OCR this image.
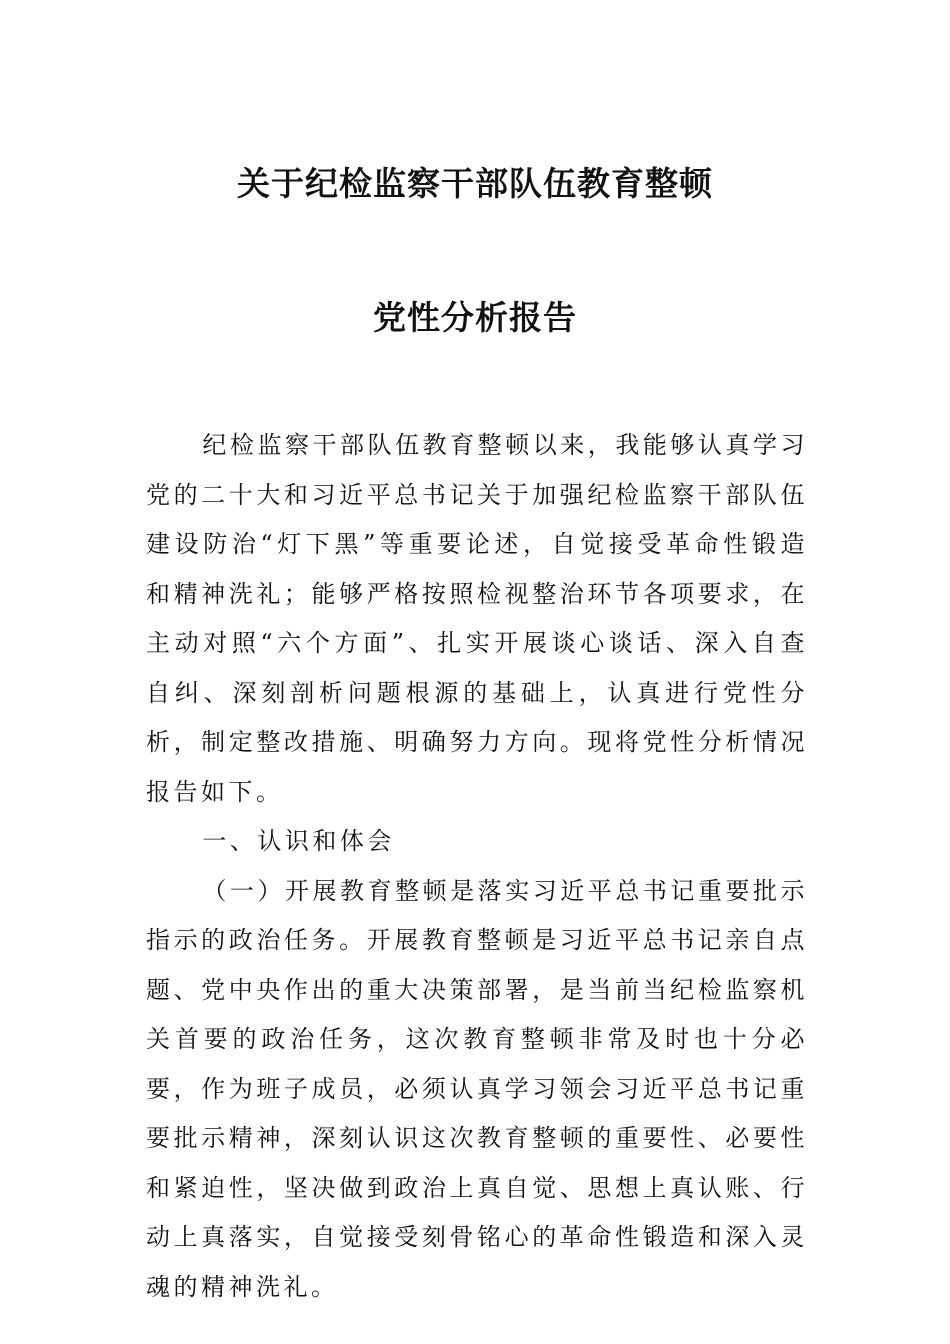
关于纪检监察干部队伍教育整顿
党性分析报告

纪检监察干部队伍教育整顿以来，我能够认真学习党的二十大和习近平总书记关于加强纪检监察干部队伍建设防治“灯下黑”等重要论述，自觉接受革命性锻造和精神洗礼；能够严格按照检视整治环节各项要求，在主动对照“六个方面”、扎实开展谈心谈话、深入自查自纠、深刻剖析问题根源的基础上，认真进行党性分析，制定整改措施、明确努力方向。现将党性分析情况报告如下。

一、认识和体会

（一）开展教育整顿是落实习近平总书记重要批示指示的政治任务。开展教育整顿是习近平总书记亲自点题、党中央作出的重大决策部署，是当前当纪检监察机关首要的政治任务，这次教育整顿非常及时也十分必要，作为班子成员，必须认真学习领会习近平总书记重要批示精神，深刻认识这次教育整顿的重要性、必要性和紧迫性，坚决做到政治上真自觉、思想上真认账、行动上真落实，自觉接受刻骨铭心的革命性锻造和深入灵魂的精神洗礼。
